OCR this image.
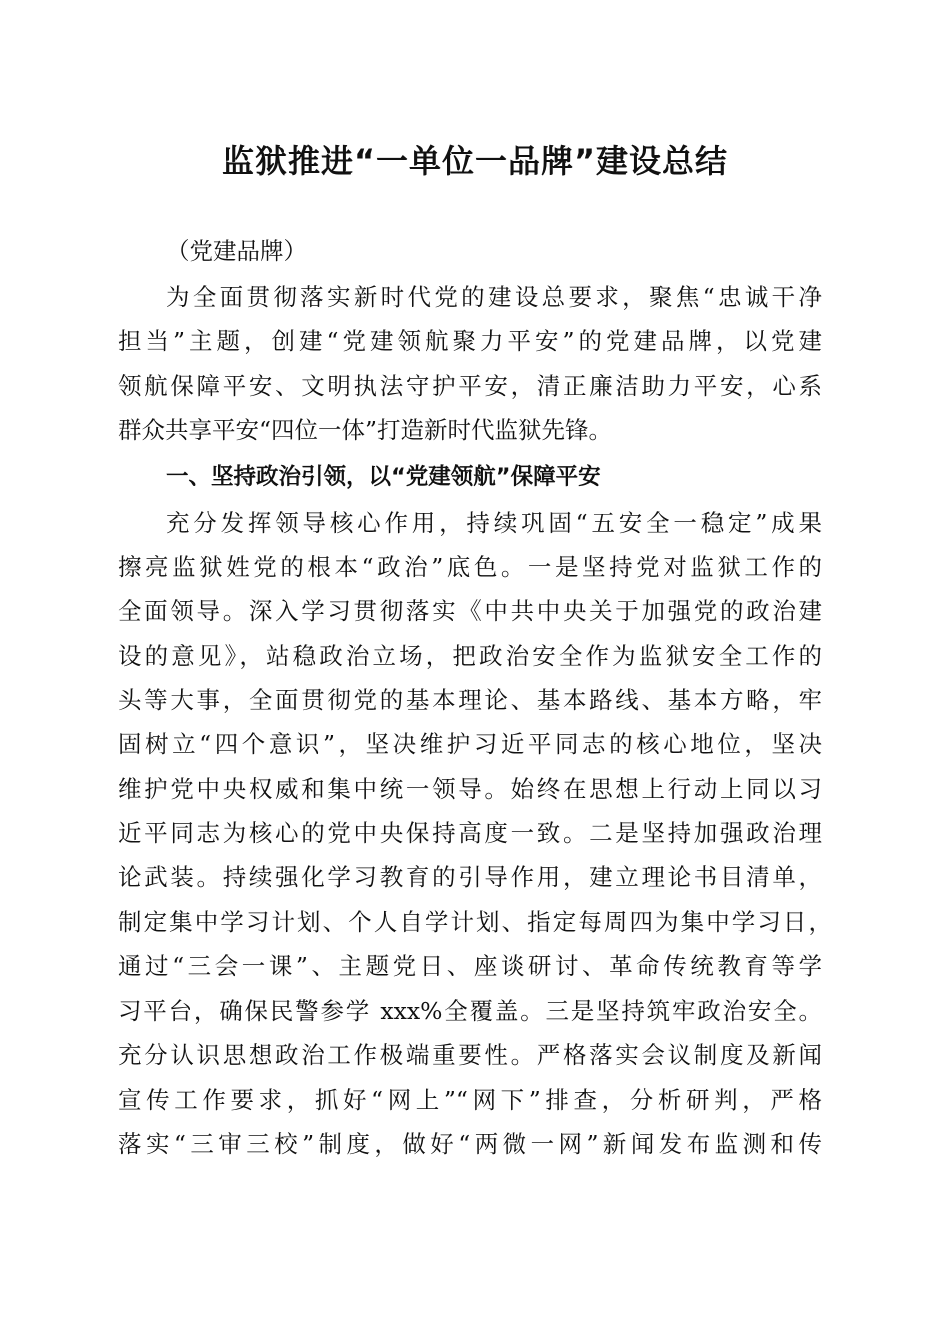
监狱推进“一单位一品牌”建设总结
（党建品牌）
为全面贯彻落实新时代党的建设总要求，聚焦“忠诚干净
担当”主题，创建“党建领航聚力平安”的党建品牌，以党建
领航保障平安、文明执法守护平安，清正廉洁助力平安，心系
群众共享平安“四位一体”打造新时代监狱先锋。
一、坚持政治引领，以“党建领航”保障平安
充分发挥领导核心作用，持续巩固“五安全一稳定”成果
擦亮监狱姓党的根本“政治”底色。一是坚持党对监狱工作的
全面领导。深入学习贯彻落实《中共中央关于加强党的政治建
设的意见》，站稳政治立场，把政治安全作为监狱安全工作的
头等大事，全面贯彻党的基本理论、基本路线、基本方略，牢
固树立“四个意识”，坚决维护习近平同志的核心地位，坚决
维护党中央权威和集中统一领导。始终在思想上行动上同以习
近平同志为核心的党中央保持高度一致。二是坚持加强政治理
论武装。持续强化学习教育的引导作用，建立理论书目清单，
制定集中学习计划、个人自学计划、指定每周四为集中学习日，
通过“三会一课”、主题党日、座谈研讨、革命传统教育等学
习平台，确保民警参学 xxx%全覆盖。三是坚持筑牢政治安全。
充分认识思想政治工作极端重要性。严格落实会议制度及新闻
宣传工作要求，抓好“网上”“网下”排查，分析研判，严格
落实“三审三校”制度，做好“两微一网”新闻发布监测和传
